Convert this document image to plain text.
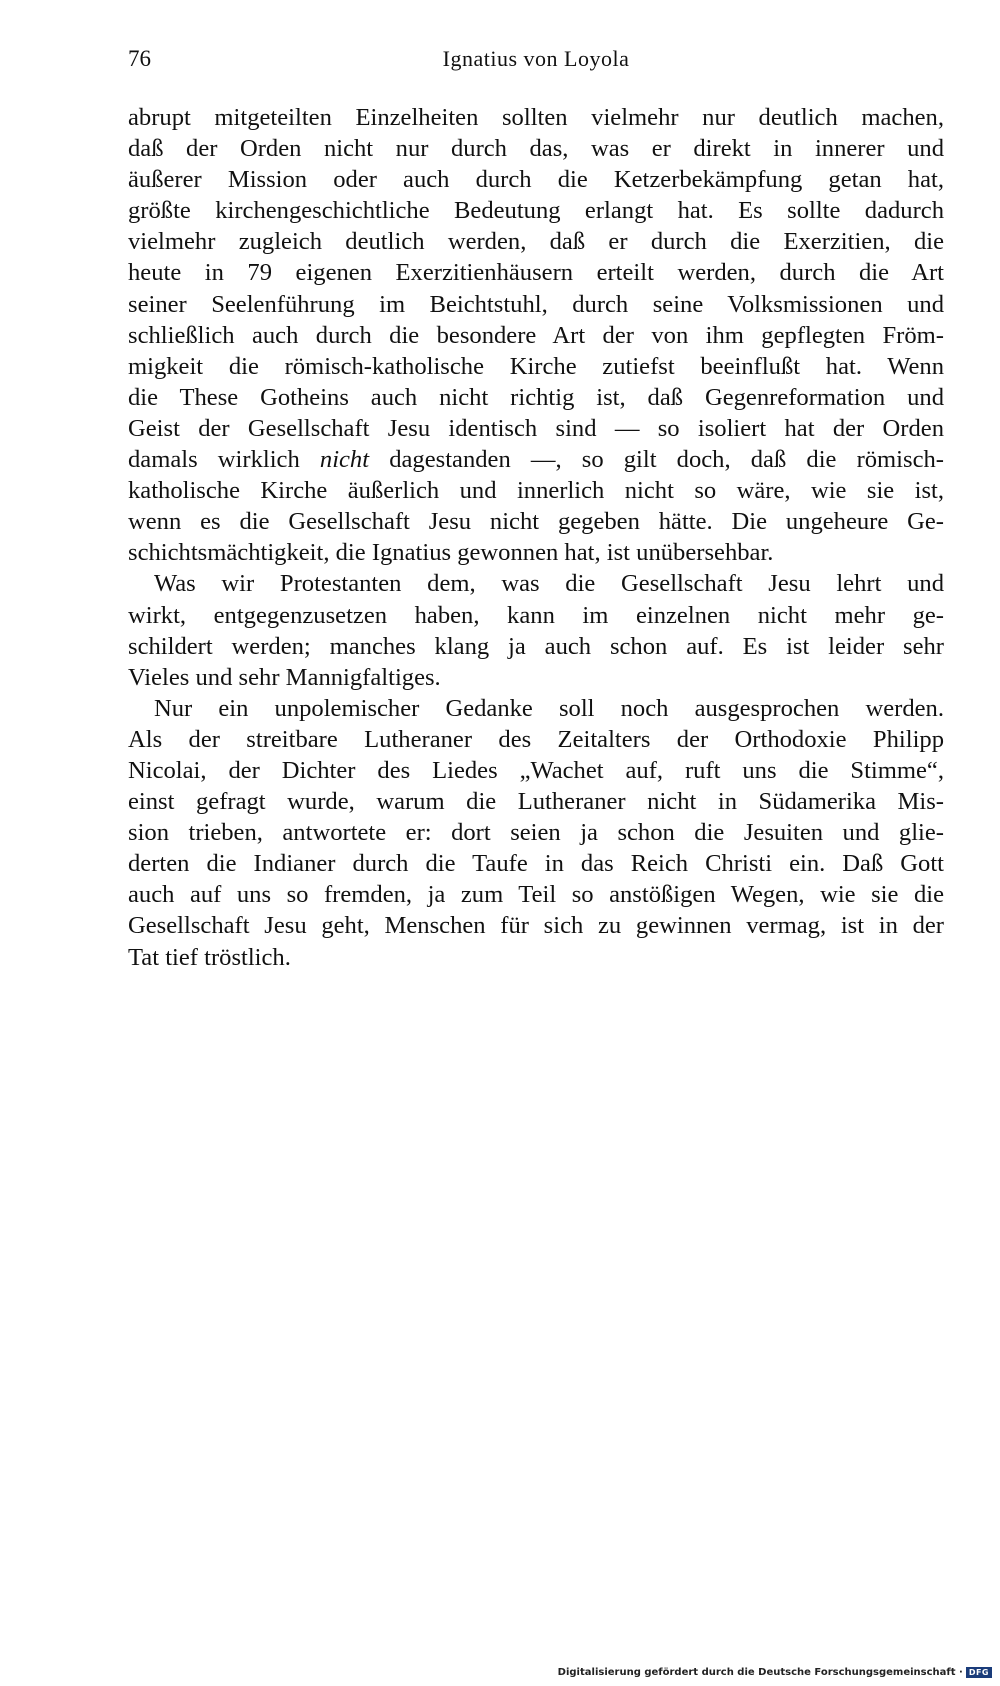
76	Ignatius von Loyola
abrupt mitgeteilten Einzelheiten sollten vielmehr nur deutlich machen,
daß der Orden nicht nur durch das, was er direkt in innerer und
äußerer Mission oder auch durch die Ketzerbekämpfung getan hat,
größte kirchengeschichtliche Bedeutung erlangt hat. Es sollte dadurch
vielmehr zugleich deutlich werden, daß er durch die Exerzitien, die
heute in 79 eigenen Exerzitienhäusern erteilt werden, durch die Art
seiner Seelenführung im Beichtstuhl, durch seine Volksmissionen und
schließlich auch durch die besondere Art der von ihm gepflegten Fröm-
migkeit die römisch-katholische Kirche zutiefst beeinflußt hat. Wenn
die These Gotheins auch nicht richtig ist, daß Gegenreformation und
Geist der Gesellschaft Jesu identisch sind — so isoliert hat der Orden
damals wirklich nicht dagestanden —, so gilt doch, daß die römisch-
katholische Kirche äußerlich und innerlich nicht so wäre, wie sie ist,
wenn es die Gesellschaft Jesu nicht gegeben hätte. Die ungeheure Ge-
schichtsmächtigkeit, die Ignatius gewonnen hat, ist unübersehbar.
Was wir Protestanten dem, was die Gesellschaft Jesu lehrt und
wirkt, entgegenzusetzen haben, kann im einzelnen nicht mehr ge-
schildert werden; manches klang ja auch schon auf. Es ist leider sehr
Vieles und sehr Mannigfaltiges.
Nur ein unpolemischer Gedanke soll noch ausgesprochen werden.
Als der streitbare Lutheraner des Zeitalters der Orthodoxie Philipp
Nicolai, der Dichter des Liedes „Wachet auf, ruft uns die Stimme“,
einst gefragt wurde, warum die Lutheraner nicht in Südamerika Mis-
sion trieben, antwortete er: dort seien ja schon die Jesuiten und glie-
derten die Indianer durch die Taufe in das Reich Christi ein. Daß Gott
auch auf uns so fremden, ja zum Teil so anstößigen Wegen, wie sie die
Gesellschaft Jesu geht, Menschen für sich zu gewinnen vermag, ist in der
Tat tief tröstlich.
Digitalisierung gefördert durch die Deutsche Forschungsgemeinschaft · DFG
